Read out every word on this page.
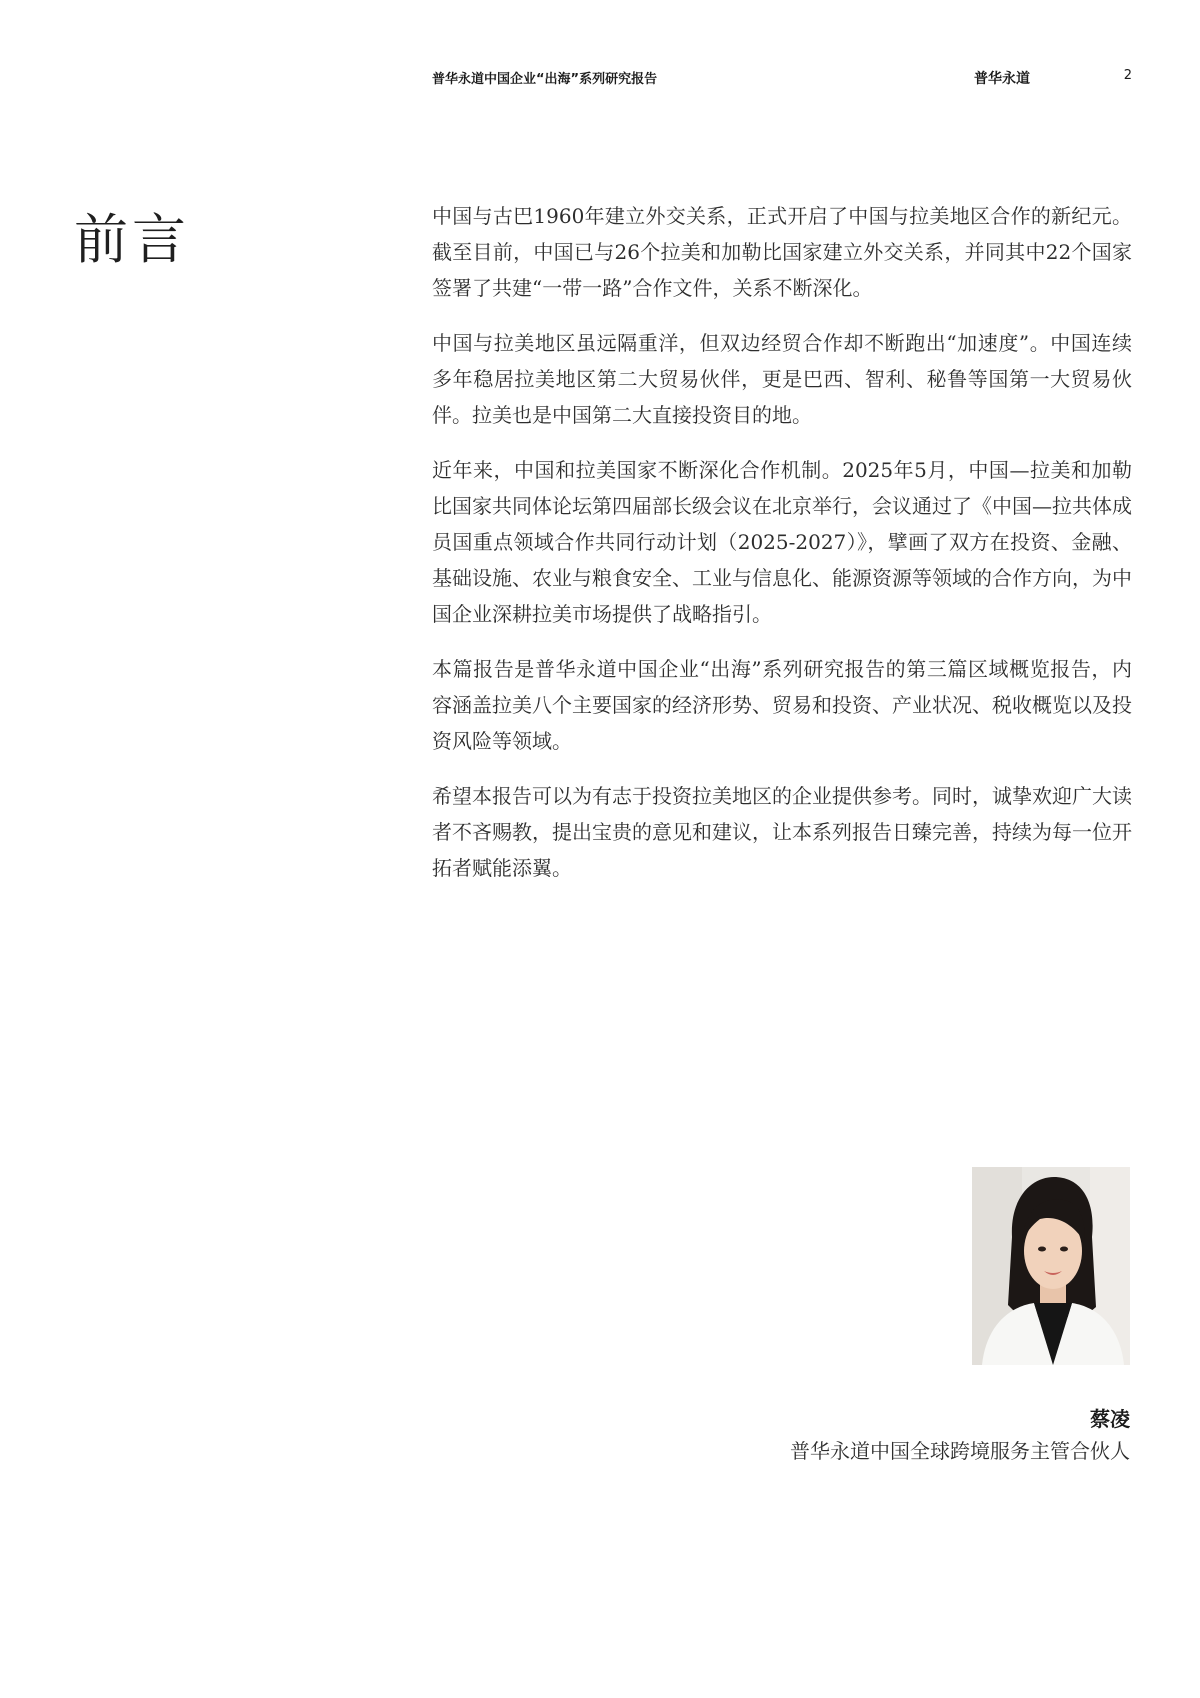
普华永道中国企业“出海”系列研究报告	普华永道	2
前言	中国与古巴1960年建立外交关系，正式开启了中国与拉美地区合作的新纪元。截至目前，中国已与26个拉美和加勒比国家建立外交关系，并同其中22个国家签署了共建“一带一路”合作文件，关系不断深化。

中国与拉美地区虽远隔重洋，但双边经贸合作却不断跑出“加速度”。中国连续多年稳居拉美地区第二大贸易伙伴，更是巴西、智利、秘鲁等国第一大贸易伙伴。拉美也是中国第二大直接投资目的地。

近年来，中国和拉美国家不断深化合作机制。2025年5月，中国—拉美和加勒比国家共同体论坛第四届部长级会议在北京举行，会议通过了《中国—拉共体成员国重点领域合作共同行动计划（2025-2027）》，擘画了双方在投资、金融、基础设施、农业与粮食安全、工业与信息化、能源资源等领域的合作方向，为中国企业深耕拉美市场提供了战略指引。

本篇报告是普华永道中国企业“出海”系列研究报告的第三篇区域概览报告，内容涵盖拉美八个主要国家的经济形势、贸易和投资、产业状况、税收概览以及投资风险等领域。

希望本报告可以为有志于投资拉美地区的企业提供参考。同时，诚挚欢迎广大读者不吝赐教，提出宝贵的意见和建议，让本系列报告日臻完善，持续为每一位开拓者赋能添翼。

蔡凌
普华永道中国全球跨境服务主管合伙人
